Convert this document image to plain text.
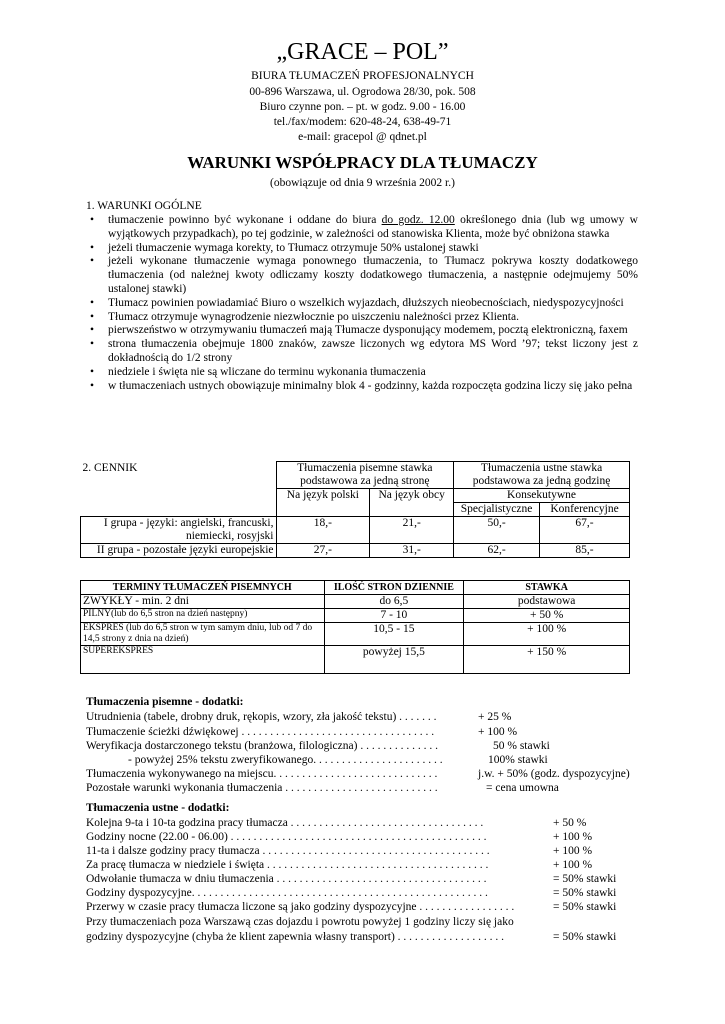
„GRACE – POL”
BIURA TŁUMACZEŃ PROFESJONALNYCH
00-896 Warszawa, ul. Ogrodowa 28/30, pok. 508
Biuro czynne pon. – pt. w godz. 9.00 - 16.00
tel./fax/modem: 620-48-24, 638-49-71
e-mail: gracepol @ qdnet.pl
WARUNKI WSPÓŁPRACY DLA TŁUMACZY
(obowiązuje od dnia 9 września 2002 r.)
1. WARUNKI OGÓLNE
• tłumaczenie powinno być wykonane i oddane do biura do godz. 12.00 określonego dnia (lub wg umowy w wyjątkowych przypadkach), po tej godzinie, w zależności od stanowiska Klienta, może być obniżona stawka
• jeżeli tłumaczenie wymaga korekty, to Tłumacz otrzymuje 50% ustalonej stawki
• jeżeli wykonane tłumaczenie wymaga ponownego tłumaczenia, to Tłumacz pokrywa koszty dodatkowego tłumaczenia (od należnej kwoty odliczamy koszty dodatkowego tłumaczenia, a następnie odejmujemy 50% ustalonej stawki)
• Tłumacz powinien powiadamiać Biuro o wszelkich wyjazdach, dłuższych nieobecnościach, niedyspozycyjności
• Tłumacz otrzymuje wynagrodzenie niezwłocznie po uiszczeniu należności przez Klienta.
• pierwszeństwo w otrzymywaniu tłumaczeń mają Tłumacze dysponujący modemem, pocztą elektroniczną, faxem
• strona tłumaczenia obejmuje 1800 znaków, zawsze liczonych wg edytora MS Word ’97; tekst liczony jest z dokładnością do 1/2 strony
• niedziele i święta nie są wliczane do terminu wykonania tłumaczenia
• w tłumaczeniach ustnych obowiązuje minimalny blok 4 - godzinny, każda rozpoczęta godzina liczy się jako pełna
2. CENNIK	Tłumaczenia pisemne stawka podstawowa za jedną stronę		Tłumaczenia ustne stawka podstawowa za jedną godzinę	
	Na język polski	Na język obcy	Konsekutywne	
			Specjalistyczne	Konferencyjne

I grupa - języki: angielski, francuski,
niemiecki, rosyjski	18,-	21,-	50,-	67,-
II grupa - pozostałe języki europejskie	27,-	31,-	62,-	85,-
TERMINY TŁUMACZEŃ PISEMNYCH	ILOŚĆ STRON DZIENNIE	STAWKA
ZWYKŁY - min. 2 dni	do 6,5	podstawowa
PILNY(lub do 6,5 stron na dzień następny)	7 - 10	+ 50 %
EKSPRES (lub do 6,5 stron w tym samym dniu, lub od 7 do 14,5 strony z dnia na dzień)	10,5 - 15	+ 100 %
SUPEREKSPRES	powyżej 15,5	+ 150 %
Tłumaczenia pisemne - dodatki:
Utrudnienia (tabele, drobny druk, rękopis, wzory, zła jakość tekstu) . . . . . . .	+ 25 %
Tłumaczenie ścieżki dźwiękowej . . . . . . . . . . . . . . . . . . . . . . . . . . . . . . . . . .	+ 100 %
Weryfikacja dostarczonego tekstu (branżowa, filologiczna) . . . . . . . . . . . . . .	50 % stawki
- powyżej 25% tekstu zweryfikowanego. . . . . . . . . . . . . . . . . . . . . . .	100% stawki
Tłumaczenia wykonywanego na miejscu. . . . . . . . . . . . . . . . . . . . . . . . . . . . .	j.w. + 50% (godz. dyspozycyjne)
Pozostałe warunki wykonania tłumaczenia . . . . . . . . . . . . . . . . . . . . . . . . . . .	= cena umowna
Tłumaczenia ustne - dodatki:
Kolejna 9-ta i 10-ta godzina pracy tłumacza . . . . . . . . . . . . . . . . . . . . . . . . . . . . . . . . . .	+ 50 %
Godziny nocne (22.00 - 06.00) . . . . . . . . . . . . . . . . . . . . . . . . . . . . . . . . . . . . . . . . . . . . .	+ 100 %
11-ta i dalsze godziny pracy tłumacza . . . . . . . . . . . . . . . . . . . . . . . . . . . . . . . . . . . . . . . .	+ 100 %
Za pracę tłumacza w niedziele i święta . . . . . . . . . . . . . . . . . . . . . . . . . . . . . . . . . . . . . . .	+ 100 %
Odwołanie tłumacza w dniu tłumaczenia . . . . . . . . . . . . . . . . . . . . . . . . . . . . . . . . . . . . .	= 50% stawki
Godziny dyspozycyjne. . . . . . . . . . . . . . . . . . . . . . . . . . . . . . . . . . . . . . . . . . . . . . . . . . . .	= 50% stawki
Przerwy w czasie pracy tłumacza liczone są jako godziny dyspozycyjne . . . . . . . . . . . . . . . . .	= 50% stawki
Przy tłumaczeniach poza Warszawą czas dojazdu i powrotu powyżej 1 godziny liczy się jako
godziny dyspozycyjne (chyba że klient zapewnia własny transport) . . . . . . . . . . . . . . . . . . .	= 50% stawki
